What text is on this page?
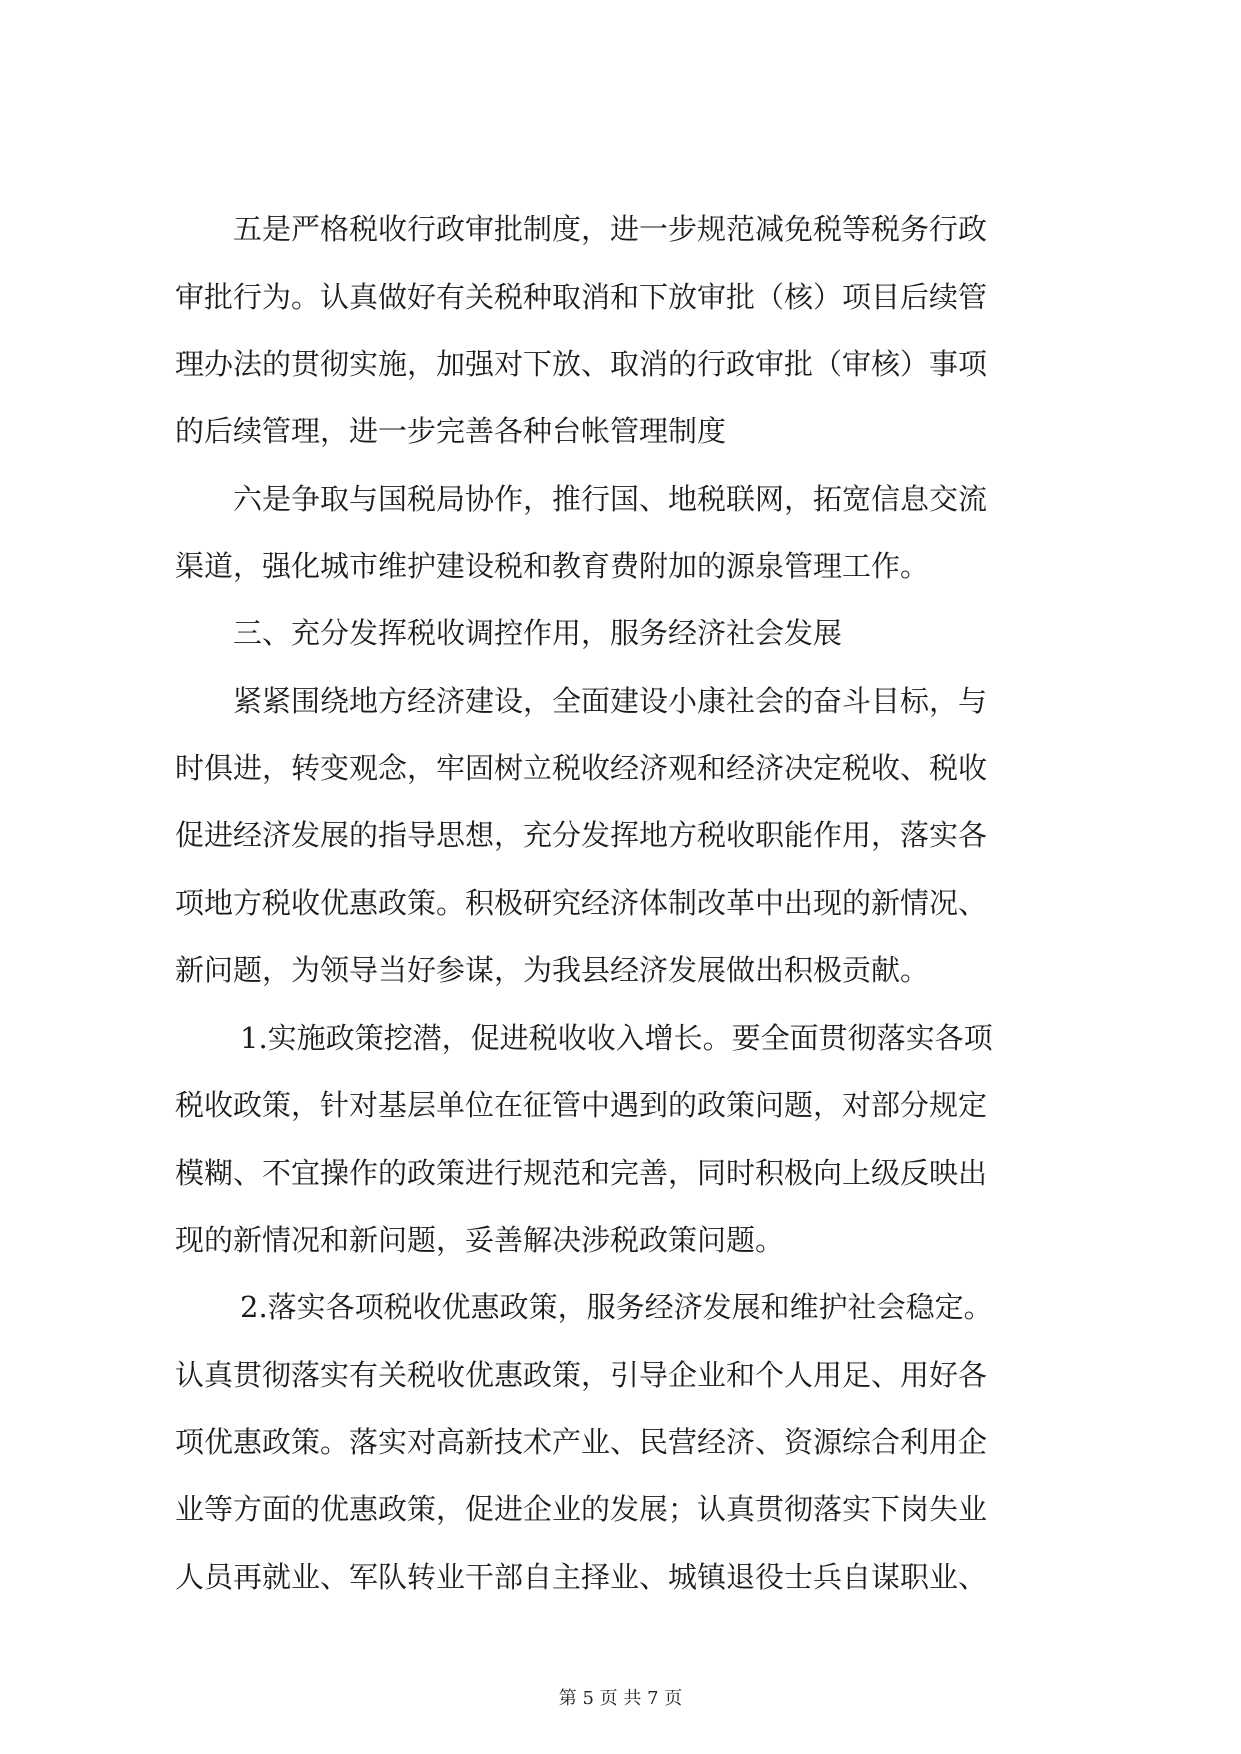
五是严格税收行政审批制度，进一步规范减免税等税务行政
审批行为。认真做好有关税种取消和下放审批（核）项目后续管
理办法的贯彻实施，加强对下放、取消的行政审批（审核）事项
的后续管理，进一步完善各种台帐管理制度
六是争取与国税局协作，推行国、地税联网，拓宽信息交流
渠道，强化城市维护建设税和教育费附加的源泉管理工作。
三、充分发挥税收调控作用，服务经济社会发展
紧紧围绕地方经济建设，全面建设小康社会的奋斗目标，与
时俱进，转变观念，牢固树立税收经济观和经济决定税收、税收
促进经济发展的指导思想，充分发挥地方税收职能作用，落实各
项地方税收优惠政策。积极研究经济体制改革中出现的新情况、
新问题，为领导当好参谋，为我县经济发展做出积极贡献。
1.实施政策挖潜，促进税收收入增长。要全面贯彻落实各项
税收政策，针对基层单位在征管中遇到的政策问题，对部分规定
模糊、不宜操作的政策进行规范和完善，同时积极向上级反映出
现的新情况和新问题，妥善解决涉税政策问题。
2.落实各项税收优惠政策，服务经济发展和维护社会稳定。
认真贯彻落实有关税收优惠政策，引导企业和个人用足、用好各
项优惠政策。落实对高新技术产业、民营经济、资源综合利用企
业等方面的优惠政策，促进企业的发展；认真贯彻落实下岗失业
人员再就业、军队转业干部自主择业、城镇退役士兵自谋职业、
第 5 页 共 7 页
